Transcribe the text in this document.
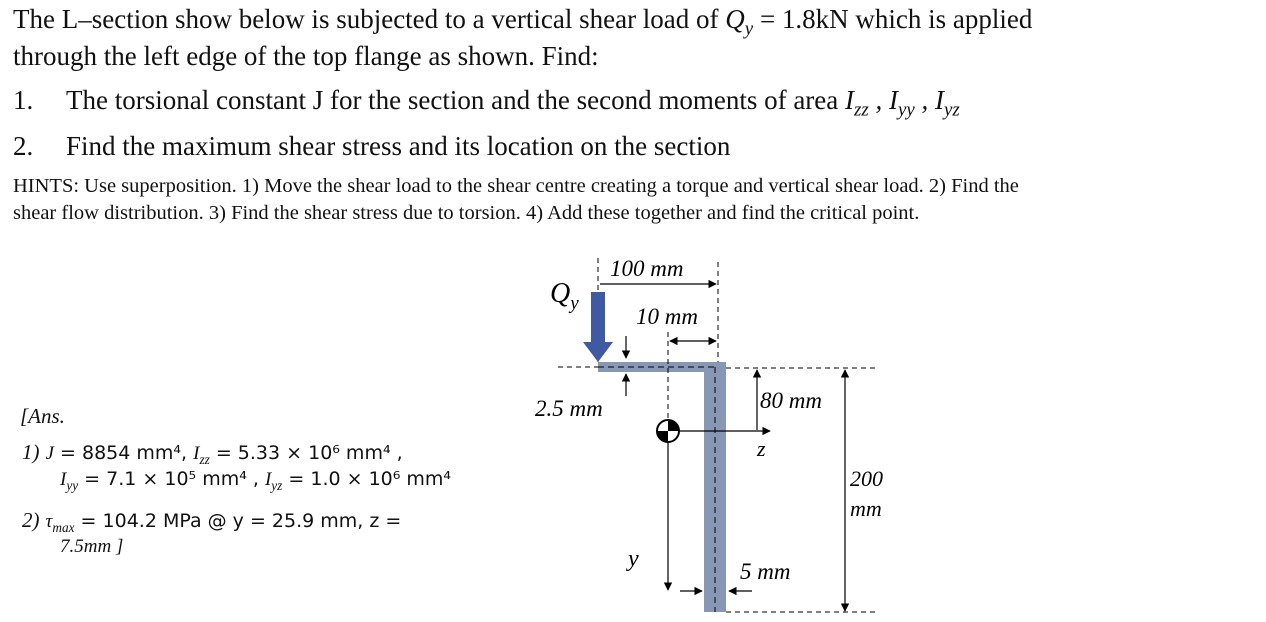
The L–section show below is subjected to a vertical shear load of $Q_y = 1.8kN$ which is applied
through the left edge of the top flange as shown. Find:
1. The torsional constant J for the section and the second moments of area $I_{zz}$ , $I_{yy}$ , $I_{yz}$
2. Find the maximum shear stress and its location on the section
HINTS: Use superposition. 1) Move the shear load to the shear centre creating a torque and vertical shear load. 2) Find the
shear flow distribution. 3) Find the shear stress due to torsion. 4) Add these together and find the critical point.
[Ans.
1) J = 8854 mm⁴, $I_{zz} = 5.33 \times 10^6$ mm⁴ ,
$I_{yy} = 7.1 \times 10^5$ mm⁴ , $I_{yz} = 1.0 \times 10^6$ mm⁴
2) $\tau_{max} = 104.2$ MPa @ y = 25.9 mm, z =
7.5mm ]
$Q_y$
100 mm
10 mm
2.5 mm	80 mm
200
mm
5 mm
z
y
